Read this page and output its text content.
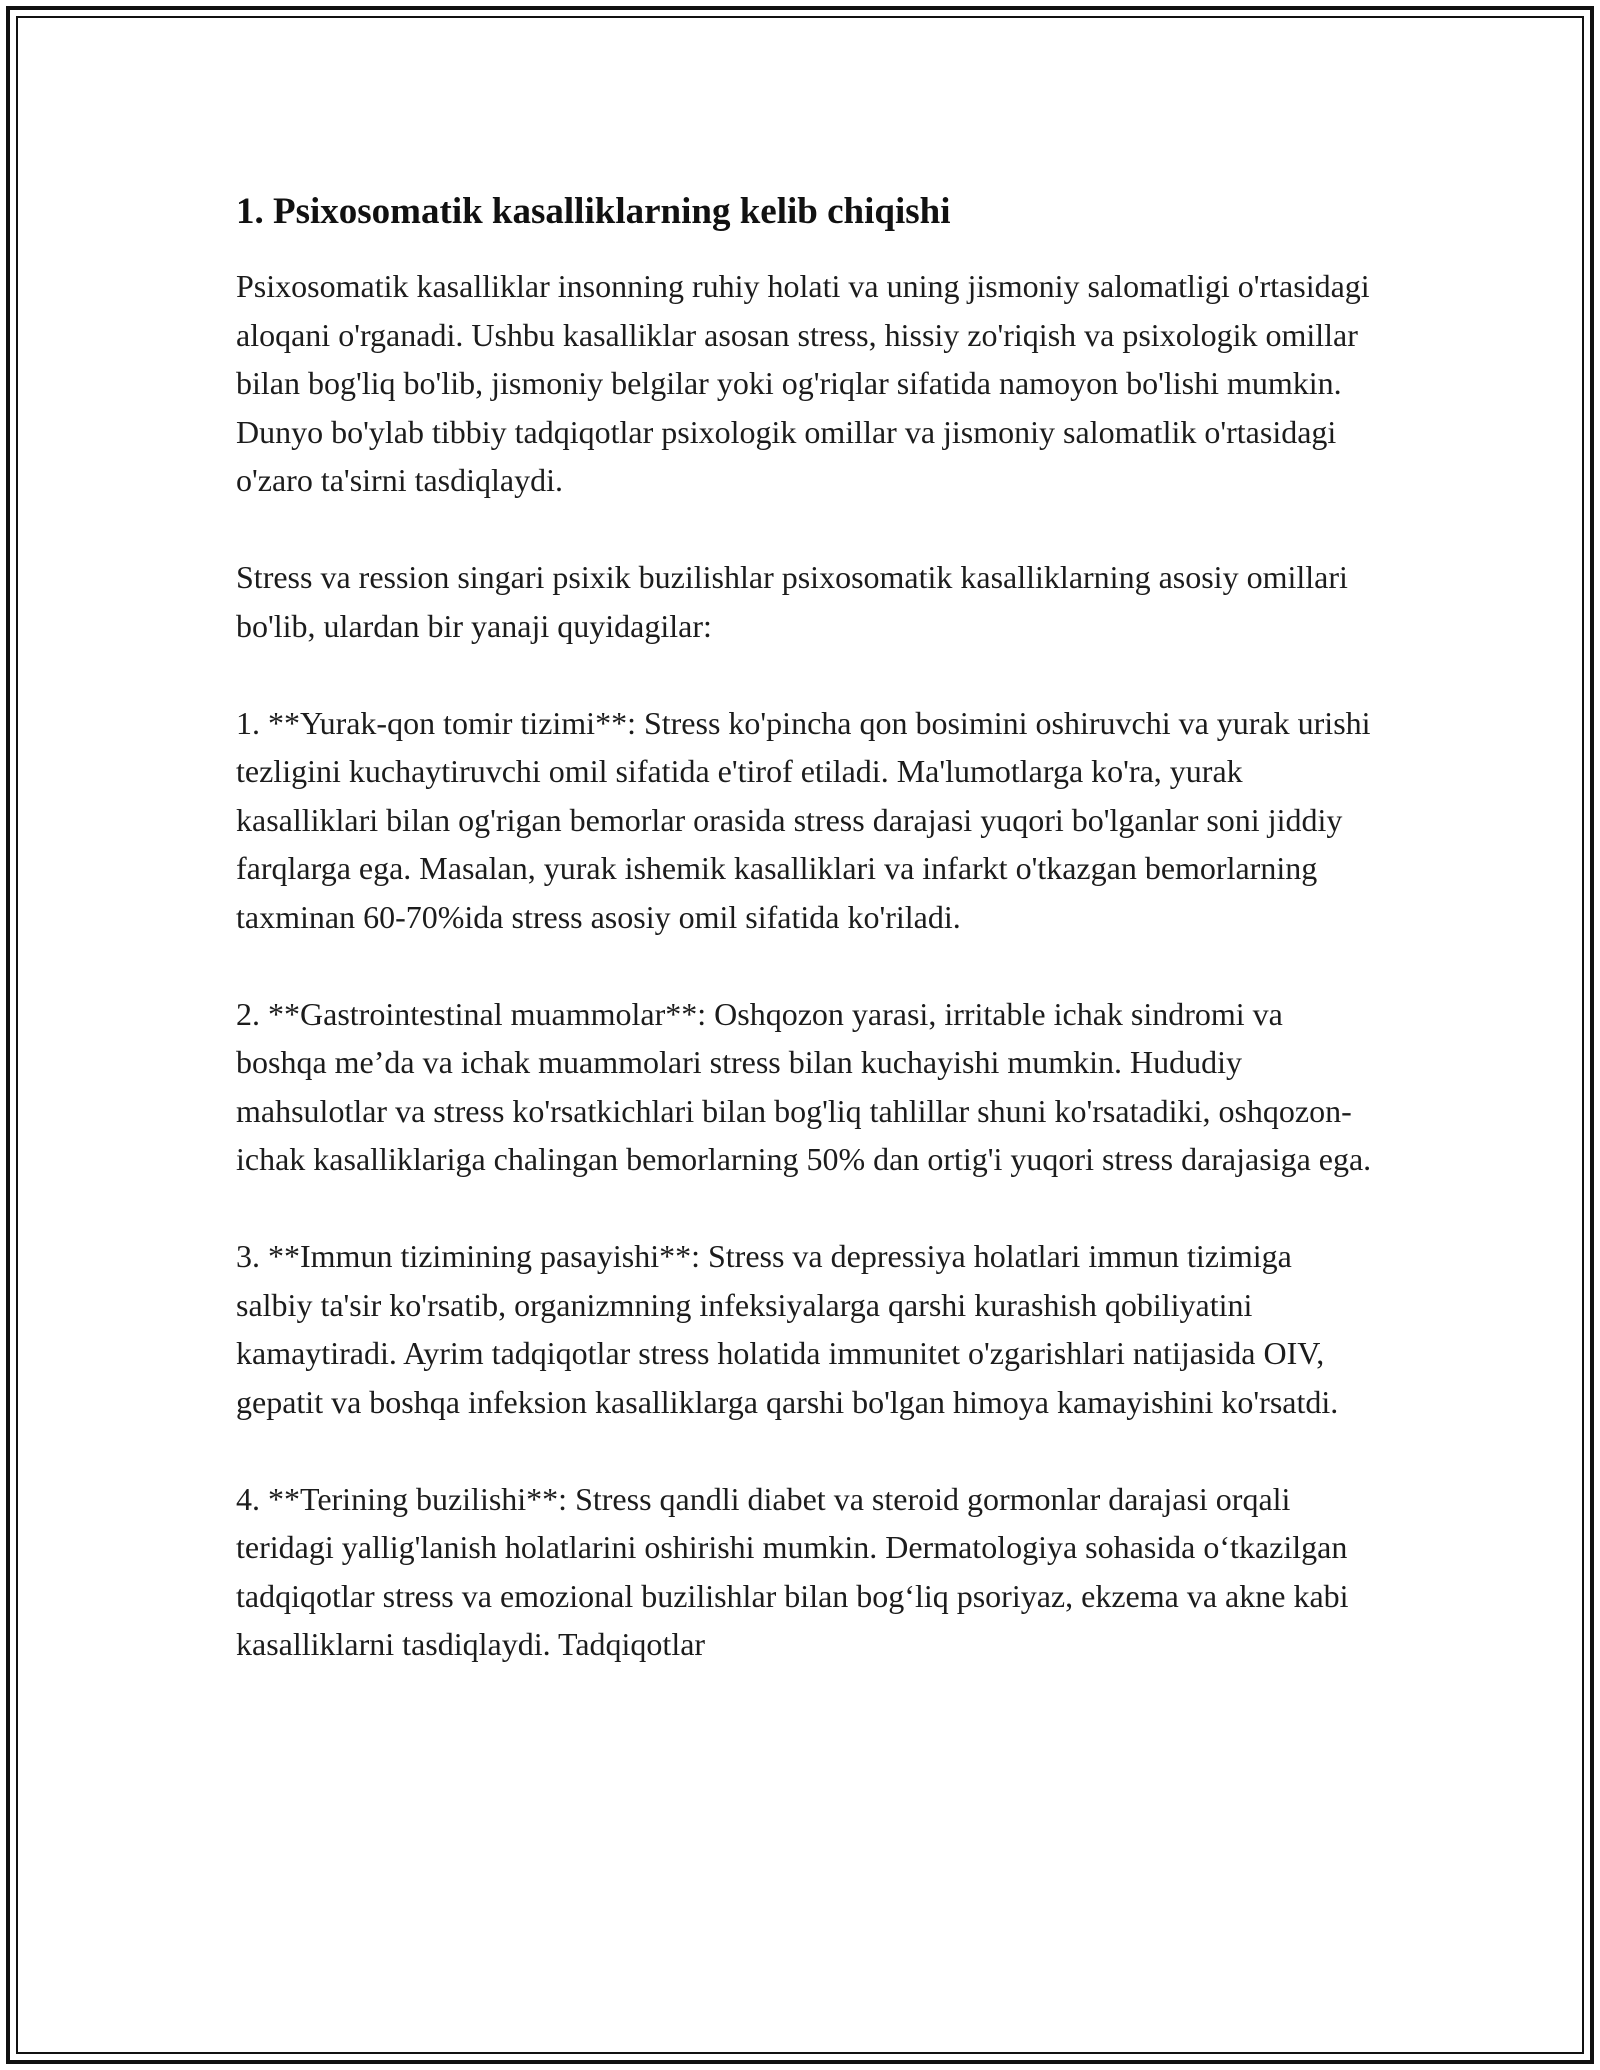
1. Psixosomatik kasalliklarning kelib chiqishi

Psixosomatik kasalliklar insonning ruhiy holati va uning jismoniy salomatligi o'rtasidagi aloqani o'rganadi. Ushbu kasalliklar asosan stress, hissiy zo'riqish va psixologik omillar bilan bog'liq bo'lib, jismoniy belgilar yoki og'riqlar sifatida namoyon bo'lishi mumkin. Dunyo bo'ylab tibbiy tadqiqotlar psixologik omillar va jismoniy salomatlik o'rtasidagi o'zaro ta'sirni tasdiqlaydi.

Stress va ression singari psixik buzilishlar psixosomatik kasalliklarning asosiy omillari bo'lib, ulardan bir yanaji quyidagilar:

1. **Yurak-qon tomir tizimi**: Stress ko'pincha qon bosimini oshiruvchi va yurak urishi tezligini kuchaytiruvchi omil sifatida e'tirof etiladi. Ma'lumotlarga ko'ra, yurak kasalliklari bilan og'rigan bemorlar orasida stress darajasi yuqori bo'lganlar soni jiddiy farqlarga ega. Masalan, yurak ishemik kasalliklari va infarkt o'tkazgan bemorlarning taxminan 60-70%ida stress asosiy omil sifatida ko'riladi.

2. **Gastrointestinal muammolar**: Oshqozon yarasi, irritable ichak sindromi va boshqa me’da va ichak muammolari stress bilan kuchayishi mumkin. Hududiy mahsulotlar va stress ko'rsatkichlari bilan bog'liq tahlillar shuni ko'rsatadiki, oshqozon-ichak kasalliklariga chalingan bemorlarning 50% dan ortig'i yuqori stress darajasiga ega.

3. **Immun tizimining pasayishi**: Stress va depressiya holatlari immun tizimiga salbiy ta'sir ko'rsatib, organizmning infeksiyalarga qarshi kurashish qobiliyatini kamaytiradi. Ayrim tadqiqotlar stress holatida immunitet o'zgarishlari natijasida OIV, gepatit va boshqa infeksion kasalliklarga qarshi bo'lgan himoya kamayishini ko'rsatdi.

4. **Terining buzilishi**: Stress qandli diabet va steroid gormonlar darajasi orqali teridagi yallig'lanish holatlarini oshirishi mumkin. Dermatologiya sohasida o‘tkazilgan tadqiqotlar stress va emozional buzilishlar bilan bog‘liq psoriyaz, ekzema va akne kabi kasalliklarni tasdiqlaydi. Tadqiqotlar
